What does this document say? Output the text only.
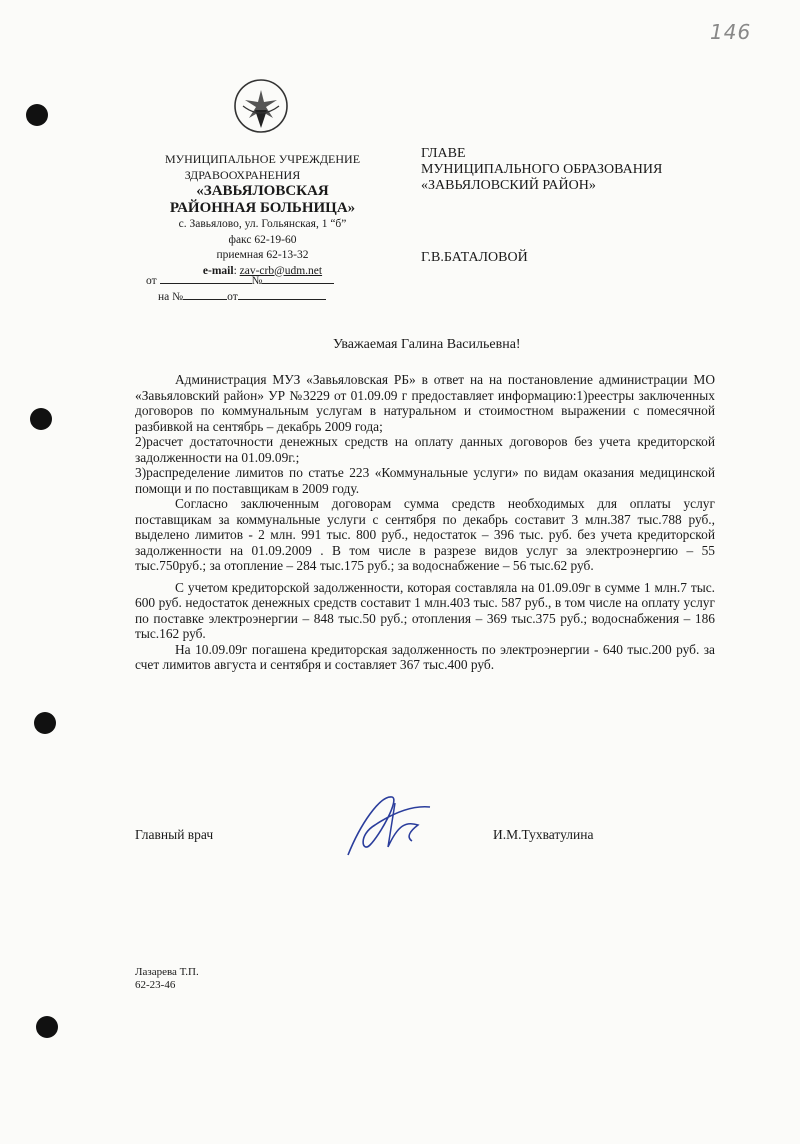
146
МУНИЦИПАЛЬНОЕ УЧРЕЖДЕНИЕ
ЗДРАВООХРАНЕНИЯ
«ЗАВЬЯЛОВСКАЯ
РАЙОННАЯ БОЛЬНИЦА»
с. Завьялово, ул. Гольянская, 1 “б”
факс 62-19-60
приемная 62-13-32
e-mail: zav-crb@udm.net
от	№
на №	от
ГЛАВЕ
МУНИЦИПАЛЬНОГО ОБРАЗОВАНИЯ
«ЗАВЬЯЛОВСКИЙ РАЙОН»
Г.В.БАТАЛОВОЙ
Уважаемая Галина Васильевна!

Администрация МУЗ «Завьяловская РБ» в ответ на на постановление администрации МО «Завьяловский район» УР №3229 от 01.09.09 г предоставляет информацию:1)реестры заключенных договоров по коммунальным услугам в натуральном и стоимостном выражении с помесячной разбивкой на сентябрь – декабрь 2009 года;

2)расчет достаточности денежных средств на оплату данных договоров без учета кредиторской задолженности на 01.09.09г.;

3)распределение лимитов по статье 223 «Коммунальные услуги» по видам оказания медицинской помощи и по поставщикам в 2009 году.

Согласно заключенным договорам сумма средств необходимых для оплаты услуг поставщикам за коммунальные услуги с сентября по декабрь составит 3 млн.387 тыс.788 руб., выделено лимитов - 2 млн. 991 тыс. 800 руб., недостаток – 396 тыс. руб. без учета кредиторской задолженности на 01.09.2009 . В том числе в разрезе видов услуг за электроэнергию – 55 тыс.750руб.; за отопление – 284 тыс.175 руб.; за водоснабжение – 56 тыс.62 руб.

С учетом кредиторской задолженности, которая составляла на 01.09.09г в сумме 1 млн.7 тыс. 600 руб. недостаток денежных средств составит 1 млн.403 тыс. 587 руб., в том числе на оплату услуг по поставке электроэнергии – 848 тыс.50 руб.; отопления – 369 тыс.375 руб.; водоснабжения – 186 тыс.162 руб.

На 10.09.09г погашена кредиторская задолженность по электроэнергии - 640 тыс.200 руб. за счет лимитов августа и сентября и составляет 367 тыс.400 руб.

Главный врач	И.М.Тухватулина
Лазарева Т.П.
62-23-46
